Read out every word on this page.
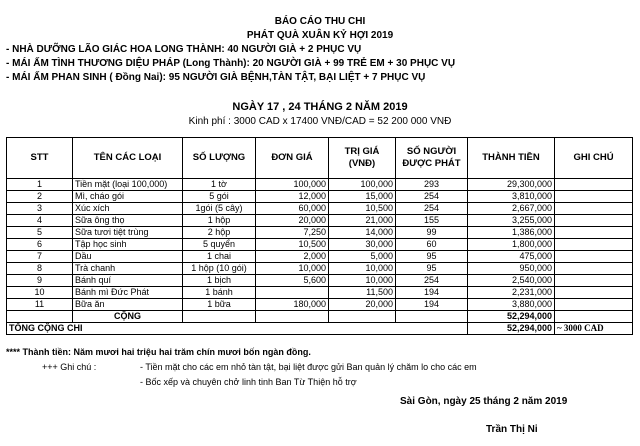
BÁO CÁO THU CHI
PHÁT QUÀ XUÂN KỶ HỢI 2019
- NHÀ DƯỠNG LÃO GIÁC HOA LONG THÀNH: 40 NGƯỜI GIÀ + 2 PHỤC VỤ
- MÁI ẤM TÌNH THƯƠNG DIỆU PHÁP (Long Thành): 20 NGƯỜI GIÀ + 99 TRẺ EM + 30 PHỤC VỤ
- MÁI ẤM PHAN SINH ( Đồng Nai): 95 NGƯỜI GIÀ BỆNH,TÀN TẬT, BẠI LIỆT + 7 PHỤC VỤ
NGÀY 17 , 24 THÁNG 2 NĂM 2019
Kinh phí : 3000 CAD x 17400 VNĐ/CAD = 52 200 000 VNĐ
STT	TÊN CÁC LOẠI	SỐ LƯỢNG	ĐƠN GIÁ	TRỊ GIÁ (VNĐ)	SỐ NGƯỜI ĐƯỢC PHÁT	THÀNH TIỀN	GHI CHÚ
1	Tiền mặt (loại 100,000)	1 tờ	100,000	100,000	293	29,300,000	
2	Mì, cháo gói	5 gói	12,000	15,000	254	3,810,000	
3	Xúc xích	1gói (5 cây)	60,000	10,500	254	2,667,000	
4	Sữa ông thọ	1 hộp	20,000	21,000	155	3,255,000	
5	Sữa tươi tiệt trùng	2 hộp	7,250	14,000	99	1,386,000	
6	Tập học sinh	5 quyển	10,500	30,000	60	1,800,000	
7	Dầu	1 chai	2,000	5,000	95	475,000	
8	Trà chanh	1 hộp (10 gói)	10,000	10,000	95	950,000	
9	Bánh quí	1 bịch	5,600	10,000	254	2,540,000	
10	Bánh mì Đức Phát	1 bánh		11,500	194	2,231,000	
11	Bữa ăn	1 bữa	180,000	20,000	194	3,880,000	
	CỘNG					52,294,000	
TỔNG CỘNG CHI						52,294,000	~ 3000 CAD
**** Thành tiền: Năm mươi hai triệu hai trăm chín mươi bốn ngàn đồng.
+++ Ghi chú :	- Tiền mặt cho các em nhỏ tàn tật, bại liệt được gửi Ban quản lý chăm lo cho các em
- Bốc xếp và chuyên chở linh tinh Ban Từ Thiện hỗ trợ
Sài Gòn, ngày 25 tháng 2 năm 2019
Trần Thị Ni
